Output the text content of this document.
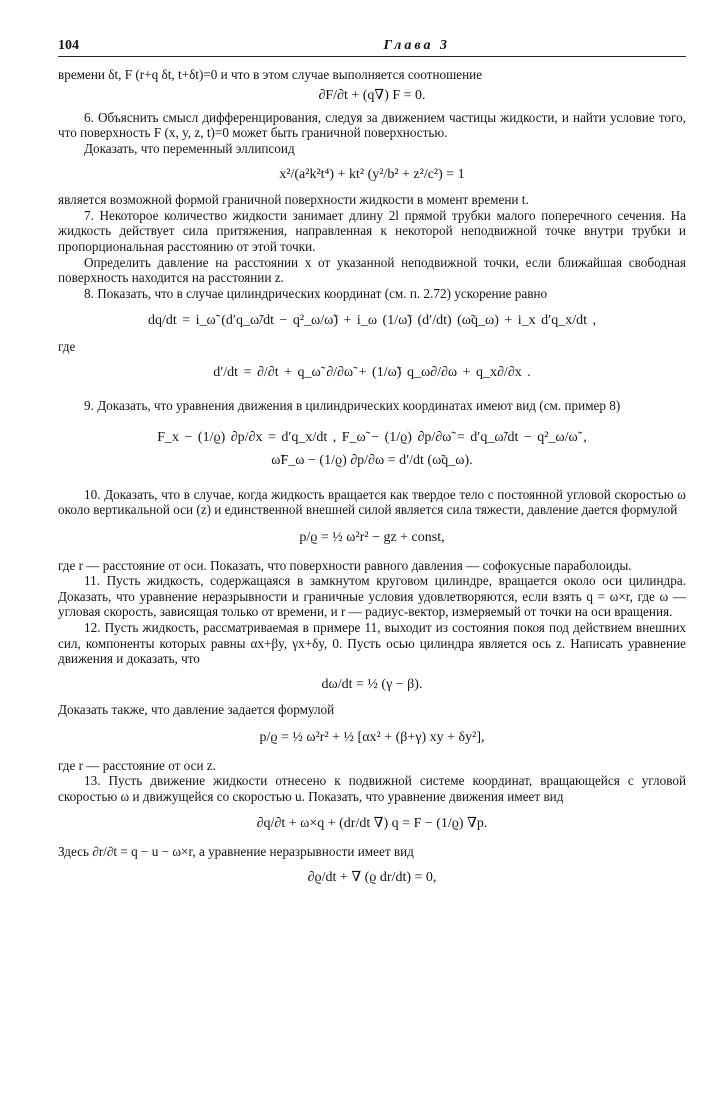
104	Глава 3

времени δt, F (r+q δt, t+δt)=0 и что в этом случае выполняется соотношение

∂F/∂t + (q∇) F = 0.

6. Объяснить смысл дифференцирования, следуя за движением частицы жидкости, и найти условие того, что поверхность F (x, y, z, t)=0 может быть граничной поверхностью.

Доказать, что переменный эллипсоид

x²/(a²k²t⁴) + kt² (y²/b² + z²/c²) = 1

является возможной формой граничной поверхности жидкости в момент времени t.

7. Некоторое количество жидкости занимает длину 2l прямой трубки малого поперечного сечения. На жидкость действует сила притяжения, направленная к некоторой неподвижной точке внутри трубки и пропорциональная расстоянию от этой точки.

Определить давление на расстоянии x от указанной неподвижной точки, если ближайшая свободная поверхность находится на расстоянии z.

8. Показать, что в случае цилиндрических координат (см. п. 2.72) ускорение равно

dq/dt = i_ω̃ (d′q_ω̃/dt − q²_ω/ω̃) + i_ω (1/ω̃) (d′/dt) (ω̃q_ω) + i_x d′q_x/dt ,

где

d′/dt = ∂/∂t + q_ω̃ ∂/∂ω̃ + (1/ω̃) q_ω∂/∂ω + q_x∂/∂x .

9. Доказать, что уравнения движения в цилиндрических координатах имеют вид (см. пример 8)

F_x − (1/ϱ) ∂p/∂x = d′q_x/dt , F_ω̃ − (1/ϱ) ∂p/∂ω̃ = d′q_ω̃/dt − q²_ω/ω̃ ,
ω̃F_ω − (1/ϱ) ∂p/∂ω = d′/dt (ω̃q_ω).

10. Доказать, что в случае, когда жидкость вращается как твердое тело с постоянной угловой скоростью ω около вертикальной оси (z) и единственной внешней силой является сила тяжести, давление дается формулой

p/ϱ = ½ ω²r² − gz + const,

где r — расстояние от оси. Показать, что поверхности равного давления — софокусные параболоиды.

11. Пусть жидкость, содержащаяся в замкнутом круговом цилиндре, вращается около оси цилиндра. Доказать, что уравнение неразрывности и граничные условия удовлетворяются, если взять q = ω×r, где ω — угловая скорость, зависящая только от времени, и r — радиус-вектор, измеряемый от точки на оси вращения.

12. Пусть жидкость, рассматриваемая в примере 11, выходит из состояния покоя под действием внешних сил, компоненты которых равны αx+βy, γx+δy, 0. Пусть осью цилиндра является ось z. Написать уравнение движения и доказать, что

dω/dt = ½ (γ − β).

Доказать также, что давление задается формулой

p/ϱ = ½ ω²r² + ½ [αx² + (β+γ) xy + δy²],

где r — расстояние от оси z.

13. Пусть движение жидкости отнесено к подвижной системе координат, вращающейся с угловой скоростью ω и движущейся со скоростью u. Показать, что уравнение движения имеет вид

∂q/∂t + ω×q + (dr/dt ∇) q = F − (1/ϱ) ∇p.

Здесь ∂r/∂t = q − u − ω×r, а уравнение неразрывности имеет вид

∂ϱ/dt + ∇ (ϱ dr/dt) = 0,
